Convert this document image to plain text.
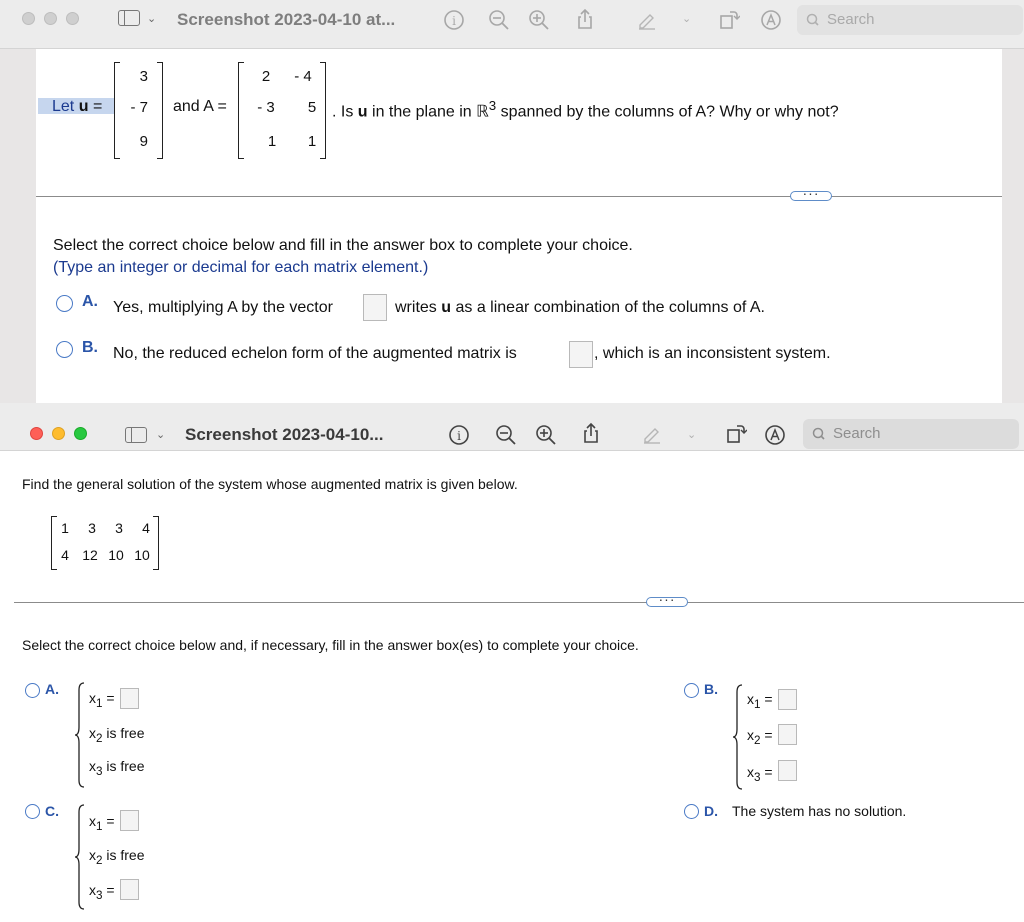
⌄ Screenshot 2023-04-10 at...	i	⌄	Search
Let u =
3
- 7
9
and A =
2	- 4
- 3	5
1	1
. Is u in the plane in ℝ$^3$ spanned by the columns of A? Why or why not?
···
Select the correct choice below and fill in the answer box to complete your choice.
(Type an integer or decimal for each matrix element.)
A. Yes, multiplying A by the vector	writes u as a linear combination of the columns of A.
B. No, the reduced echelon form of the augmented matrix is	, which is an inconsistent system.
⌄ Screenshot 2023-04-10...	i	⌄	Search
Find the general solution of the system whose augmented matrix is given below.
1	3	3	4
4 12 10 10
···
Select the correct choice below and, if necessary, fill in the answer box(es) to complete your choice.
A.
$x_1$ =
$x_2$ is free
$x_3$ is free
B.
$x_1$ =
$x_2$ =
$x_3$ =
C.
$x_1$ =
$x_2$ is free
$x_3$ =
D. The system has no solution.
